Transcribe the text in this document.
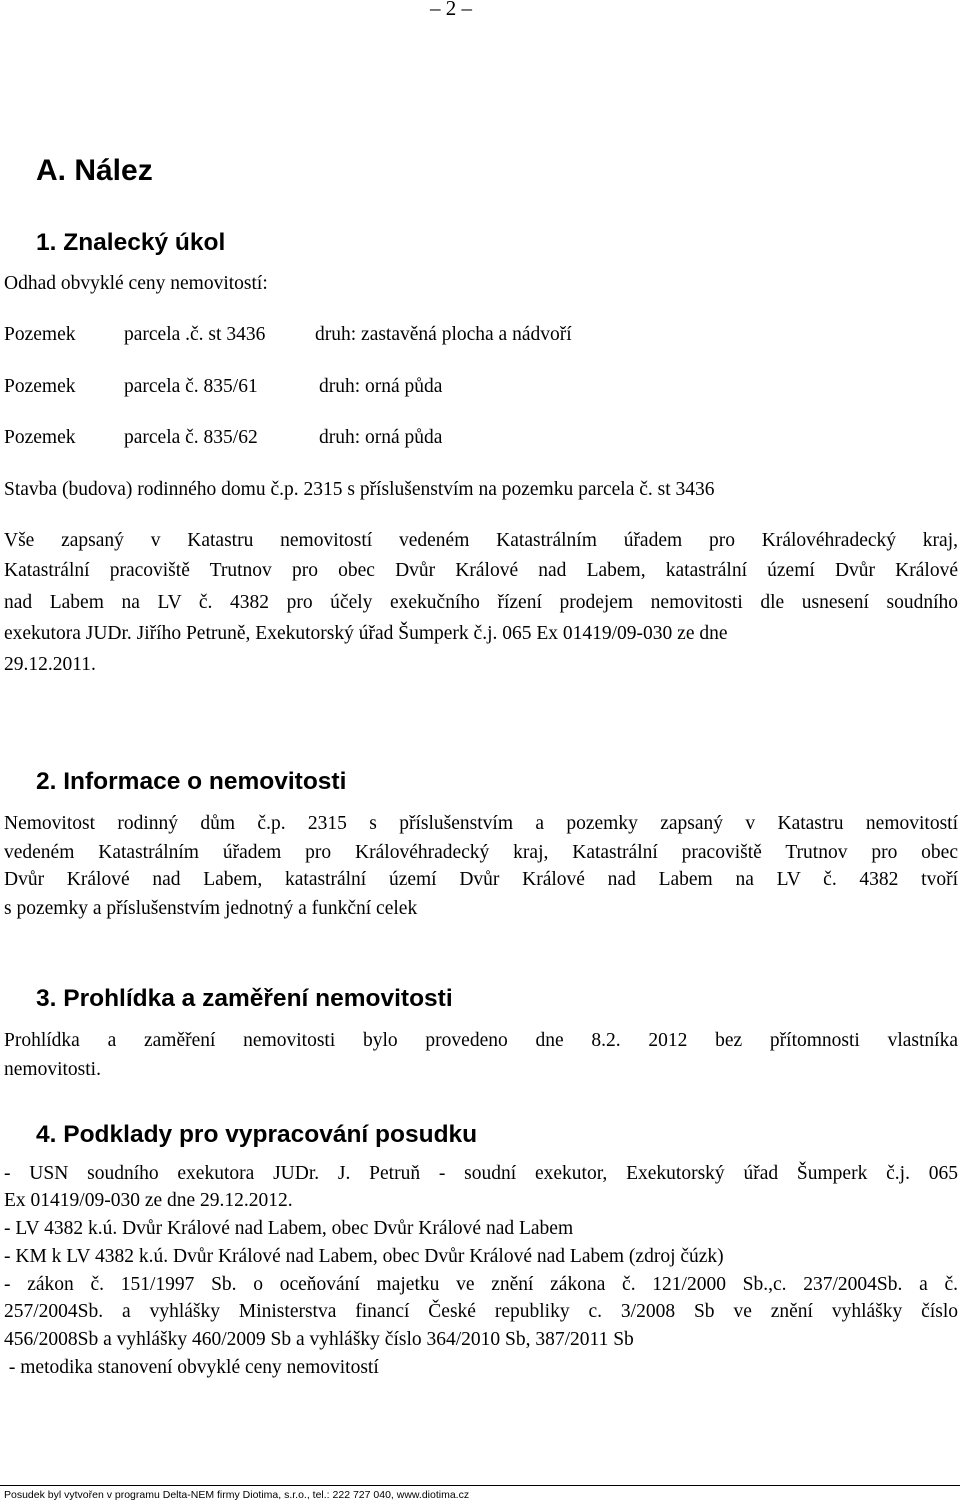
– 2 –
A. Nález
1. Znalecký úkol
Odhad obvyklé ceny nemovitostí:
Pozemek parcela .č. st 3436	druh: zastavěná plocha a nádvoří
Pozemek parcela č. 835/61	druh: orná půda
Pozemek parcela č. 835/62	druh: orná půda
Stavba (budova) rodinného domu č.p. 2315 s příslušenstvím na pozemku parcela č. st 3436
Vše zapsaný v Katastru nemovitostí vedeném Katastrálním úřadem pro Královéhradecký kraj,
Katastrální pracoviště Trutnov pro obec Dvůr Králové nad Labem, katastrální území Dvůr Králové
nad Labem na LV č. 4382 pro účely exekučního řízení prodejem nemovitosti dle usnesení soudního
exekutora JUDr. Jiřího Petruně, Exekutorský úřad Šumperk č.j. 065 Ex 01419/09-030 ze dne
29.12.2011.
2. Informace o nemovitosti
Nemovitost rodinný dům č.p. 2315 s příslušenstvím a pozemky zapsaný v Katastru nemovitostí
vedeném Katastrálním úřadem pro Královéhradecký kraj, Katastrální pracoviště Trutnov pro obec
Dvůr Králové nad Labem, katastrální území Dvůr Králové nad Labem na LV č. 4382 tvoří
s pozemky a příslušenstvím jednotný a funkční celek
3. Prohlídka a zaměření nemovitosti
Prohlídka a zaměření nemovitosti bylo provedeno dne 8.2. 2012 bez přítomnosti vlastníka
nemovitosti.
4. Podklady pro vypracování posudku
- USN soudního exekutora JUDr. J. Petruň - soudní exekutor, Exekutorský úřad Šumperk č.j. 065
Ex 01419/09-030 ze dne 29.12.2012.
- LV 4382 k.ú. Dvůr Králové nad Labem, obec Dvůr Králové nad Labem
- KM k LV 4382 k.ú. Dvůr Králové nad Labem, obec Dvůr Králové nad Labem (zdroj čúzk)
- zákon č. 151/1997 Sb. o oceňování majetku ve znění zákona č. 121/2000 Sb.,c. 237/2004Sb. a č.
257/2004Sb. a vyhlášky Ministerstva financí České republiky c. 3/2008 Sb ve znění vyhlášky číslo
456/2008Sb a vyhlášky 460/2009 Sb a vyhlášky číslo 364/2010 Sb, 387/2011 Sb
- metodika stanovení obvyklé ceny nemovitostí
Posudek byl vytvořen v programu Delta-NEM firmy Diotima, s.r.o., tel.: 222 727 040, www.diotima.cz
